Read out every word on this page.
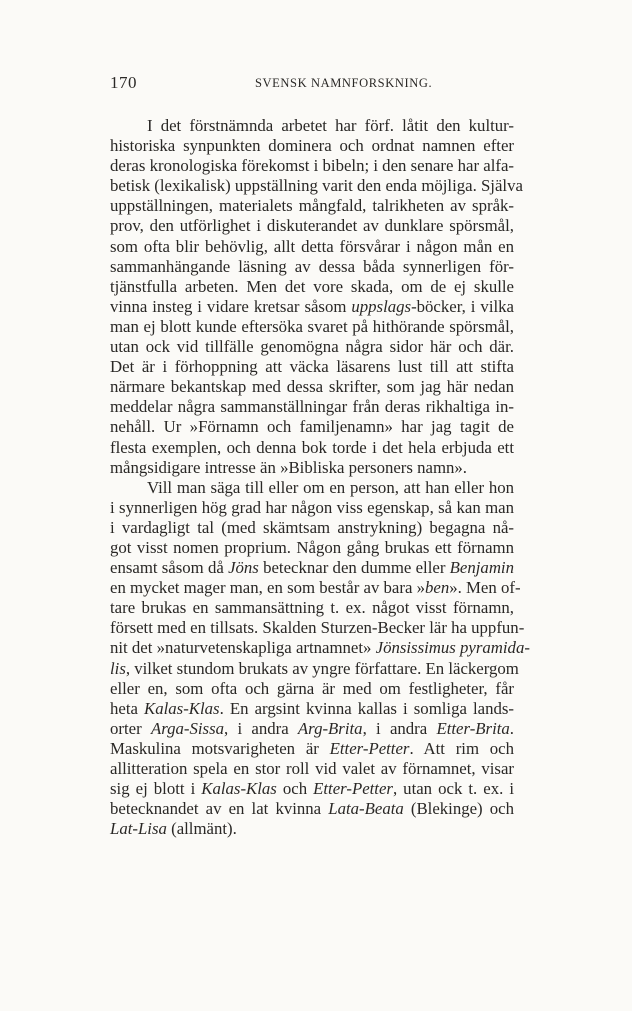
170	SVENSK NAMNFORSKNING.
I det förstnämnda arbetet har förf. låtit den kultur-
historiska synpunkten dominera och ordnat namnen efter
deras kronologiska förekomst i bibeln; i den senare har alfa-
betisk (lexikalisk) uppställning varit den enda möjliga. Själva
uppställningen, materialets mångfald, talrikheten av språk-
prov, den utförlighet i diskuterandet av dunklare spörsmål,
som ofta blir behövlig, allt detta försvårar i någon mån en
sammanhängande läsning av dessa båda synnerligen för-
tjänstfulla arbeten. Men det vore skada, om de ej skulle
vinna insteg i vidare kretsar såsom uppslags-böcker, i vilka
man ej blott kunde eftersöka svaret på hithörande spörsmål,
utan ock vid tillfälle genomögna några sidor här och där.
Det är i förhoppning att väcka läsarens lust till att stifta
närmare bekantskap med dessa skrifter, som jag här nedan
meddelar några sammanställningar från deras rikhaltiga in-
nehåll. Ur »Förnamn och familjenamn» har jag tagit de
flesta exemplen, och denna bok torde i det hela erbjuda ett
mångsidigare intresse än »Bibliska personers namn».
Vill man säga till eller om en person, att han eller hon
i synnerligen hög grad har någon viss egenskap, så kan man
i vardagligt tal (med skämtsam anstrykning) begagna nå-
got visst nomen proprium. Någon gång brukas ett förnamn
ensamt såsom då Jöns betecknar den dumme eller Benjamin
en mycket mager man, en som består av bara »ben». Men of-
tare brukas en sammansättning t. ex. något visst förnamn,
försett med en tillsats. Skalden Sturzen-Becker lär ha uppfun-
nit det »naturvetenskapliga artnamnet» Jönsissimus pyramida-
lis, vilket stundom brukats av yngre författare. En läckergom
eller en, som ofta och gärna är med om festligheter, får
heta Kalas-Klas. En argsint kvinna kallas i somliga lands-
orter Arga-Sissa, i andra Arg-Brita, i andra Etter-Brita.
Maskulina motsvarigheten är Etter-Petter. Att rim och
allitteration spela en stor roll vid valet av förnamnet, visar
sig ej blott i Kalas-Klas och Etter-Petter, utan ock t. ex. i
betecknandet av en lat kvinna Lata-Beata (Blekinge) och
Lat-Lisa (allmänt).
